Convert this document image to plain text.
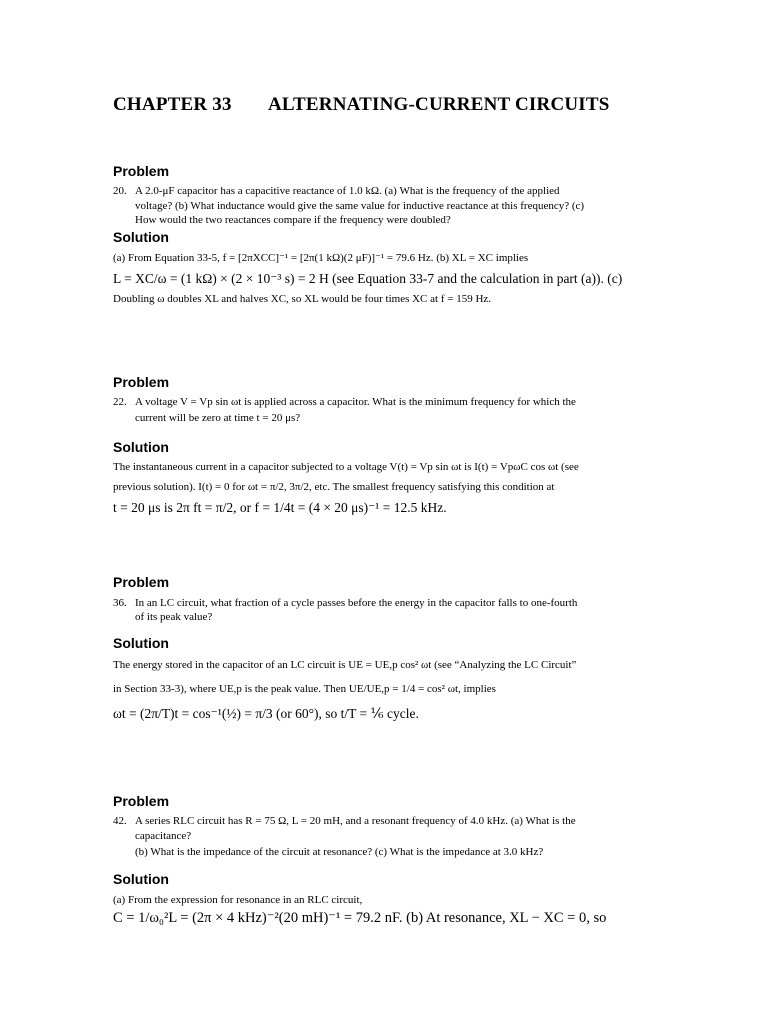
CHAPTER 33 ALTERNATING-CURRENT CIRCUITS
Problem
20. A 2.0-μF capacitor has a capacitive reactance of 1.0 kΩ. (a) What is the frequency of the applied
voltage? (b) What inductance would give the same value for inductive reactance at this frequency? (c)
How would the two reactances compare if the frequency were doubled?
Solution
(a) From Equation 33-5, f = [2πXCC]⁻¹ = [2π(1 kΩ)(2 μF)]⁻¹ = 79.6 Hz. (b) XL = XC implies
L = XC/ω = (1 kΩ) × (2 × 10⁻³ s) = 2 H (see Equation 33-7 and the calculation in part (a)). (c)
Doubling ω doubles XL and halves XC, so XL would be four times XC at f = 159 Hz.
Problem
22. A voltage V = Vp sin ωt is applied across a capacitor. What is the minimum frequency for which the
current will be zero at time t = 20 μs?
Solution
The instantaneous current in a capacitor subjected to a voltage V(t) = Vp sin ωt is I(t) = VpωC cos ωt (see
previous solution). I(t) = 0 for ωt = π/2, 3π/2, etc. The smallest frequency satisfying this condition at
t = 20 μs is 2π ft = π/2, or f = 1/4t = (4 × 20 μs)⁻¹ = 12.5 kHz.
Problem
36. In an LC circuit, what fraction of a cycle passes before the energy in the capacitor falls to one-fourth
of its peak value?
Solution
The energy stored in the capacitor of an LC circuit is UE = UE,p cos² ωt (see “Analyzing the LC Circuit”
in Section 33-3), where UE,p is the peak value. Then UE/UE,p = 1/4 = cos² ωt, implies
ωt = (2π/T)t = cos⁻¹(½) = π/3 (or 60°), so t/T = ⅙ cycle.
Problem
42. A series RLC circuit has R = 75 Ω, L = 20 mH, and a resonant frequency of 4.0 kHz. (a) What is the
capacitance?
(b) What is the impedance of the circuit at resonance? (c) What is the impedance at 3.0 kHz?
Solution
(a) From the expression for resonance in an RLC circuit,
C = 1/ω₀²L = (2π × 4 kHz)⁻²(20 mH)⁻¹ = 79.2 nF. (b) At resonance, XL − XC = 0, so
